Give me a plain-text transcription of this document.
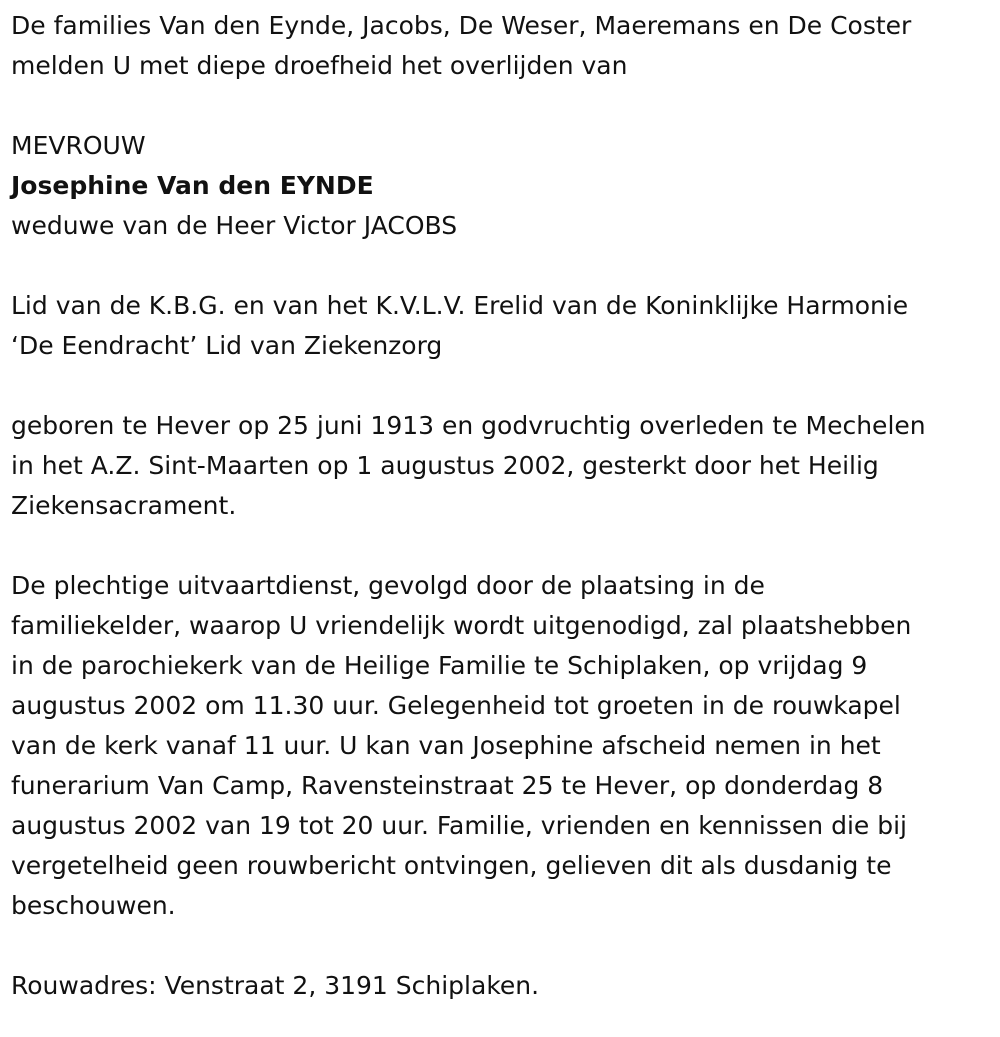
De families Van den Eynde, Jacobs, De Weser, Maeremans en De Coster
melden U met diepe droefheid het overlijden van

MEVROUW
Josephine Van den EYNDE
weduwe van de Heer Victor JACOBS

Lid van de K.B.G. en van het K.V.L.V. Erelid van de Koninklijke Harmonie
‘De Eendracht’ Lid van Ziekenzorg

geboren te Hever op 25 juni 1913 en godvruchtig overleden te Mechelen
in het A.Z. Sint-Maarten op 1 augustus 2002, gesterkt door het Heilig
Ziekensacrament.

De plechtige uitvaartdienst, gevolgd door de plaatsing in de
familiekelder, waarop U vriendelijk wordt uitgenodigd, zal plaatshebben
in de parochiekerk van de Heilige Familie te Schiplaken, op vrijdag 9
augustus 2002 om 11.30 uur. Gelegenheid tot groeten in de rouwkapel
van de kerk vanaf 11 uur. U kan van Josephine afscheid nemen in het
funerarium Van Camp, Ravensteinstraat 25 te Hever, op donderdag 8
augustus 2002 van 19 tot 20 uur. Familie, vrienden en kennissen die bij
vergetelheid geen rouwbericht ontvingen, gelieven dit als dusdanig te
beschouwen.

Rouwadres: Venstraat 2, 3191 Schiplaken.
